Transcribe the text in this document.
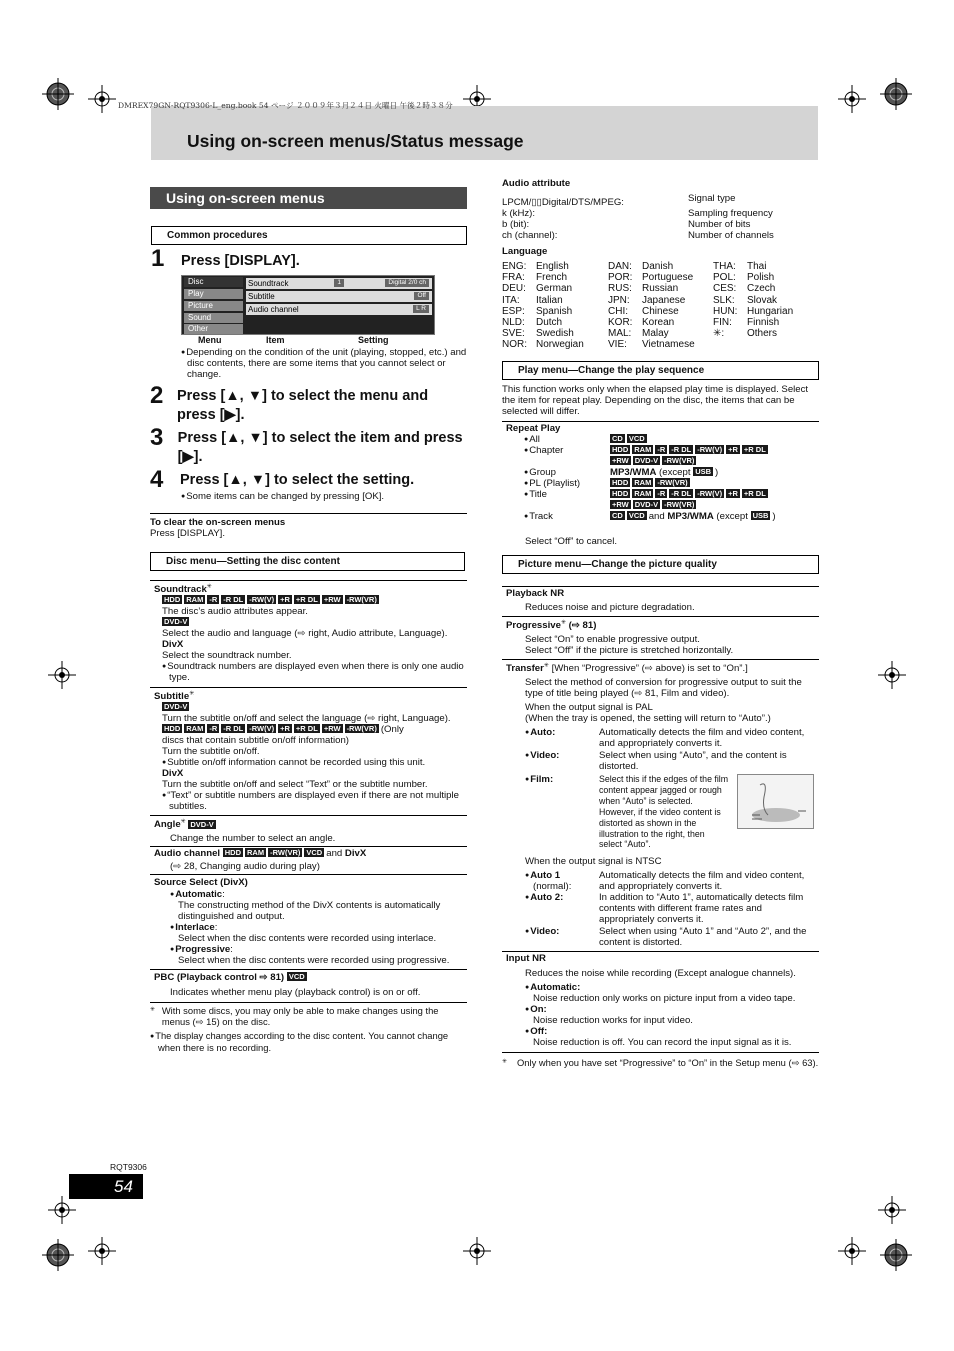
DMREX79GN-RQT9306-L_eng.book 54 ページ ２００９年３月２４日 火曜日 午後２時３８分
Using on-screen menus/Status message
Using on-screen menus
Common procedures
1	Press [DISPLAY].
Disc
Play
Picture
Sound
Other
Soundtrack	1	Digital 2/0 ch
Subtitle	Off
Audio channel	L R
Menu	Item	Setting
● Depending on the condition of the unit (playing, stopped, etc.) and disc contents, there are some items that you cannot select or change.
2 Press [▲, ▼] to select the menu and press [▶].
3 Press [▲, ▼] to select the item and press [▶].
4	Press [▲, ▼] to select the setting.
● Some items can be changed by pressing [OK].
To clear the on-screen menus
Press [DISPLAY].
Disc menu—Setting the disc content
Soundtrack✳
HDD RAM -R -R DL -RW(V) +R +R DL +RW -RW(VR)
The disc’s audio attributes appear.
DVD-V
Select the audio and language (⇨ right, Audio attribute, Language).
DivX
Select the soundtrack number.
● Soundtrack numbers are displayed even when there is only one audio type.
Subtitle✳
DVD-V
Turn the subtitle on/off and select the language (⇨ right, Language).
HDD RAM -R -R DL -RW(V) +R +R DL +RW -RW(VR) (Only
discs that contain subtitle on/off information)
Turn the subtitle on/off.
● Subtitle on/off information cannot be recorded using this unit.
DivX
Turn the subtitle on/off and select “Text” or the subtitle number.
● “Text” or subtitle numbers are displayed even if there are not multiple subtitles.
Angle✳ DVD-V
Change the number to select an angle.
Audio channel HDD RAM -RW(VR) VCD and DivX
(⇨ 28, Changing audio during play)
Source Select (DivX)
● Automatic:
The constructing method of the DivX contents is automatically distinguished and output.
● Interlace:
Select when the disc contents were recorded using interlace.
● Progressive:
Select when the disc contents were recorded using progressive.
PBC (Playback control ⇨ 81) VCD
Indicates whether menu play (playback control) is on or off.
✳ With some discs, you may only be able to make changes using the menus (⇨ 15) on the disc.
● The display changes according to the disc content. You cannot change when there is no recording.
Audio attribute
LPCM/▯▯Digital/DTS/MPEG:	Signal type
k (kHz):	Sampling frequency
b (bit):	Number of bits
ch (channel):	Number of channels
Language
ENG:	English	DAN:	Danish	THA:	Thai
FRA:	French	POR:	Portuguese	POL:	Polish
DEU:	German	RUS:	Russian	CES:	Czech
ITA:	Italian	JPN:	Japanese	SLK:	Slovak
ESP:	Spanish	CHI:	Chinese	HUN:	Hungarian
NLD:	Dutch	KOR:	Korean	FIN:	Finnish
SVE:	Swedish	MAL:	Malay	✳:	Others
NOR:	Norwegian	VIE:	Vietnamese		
Play menu—Change the play sequence
This function works only when the elapsed play time is displayed. Select the item for repeat play. Depending on the disc, the items that can be selected will differ.
Repeat Play
● All	CD VCD
● Chapter	HDD RAM -R -R DL -RW(V) +R +R DL
+RW DVD-V -RW(VR)

● Group	MP3/WMA (except USB )
● PL (Playlist)	HDD RAM -RW(VR)
● Title	HDD RAM -R -R DL -RW(V) +R +R DL
+RW DVD-V -RW(VR)

● Track	CD VCD and MP3/WMA (except USB )
Select “Off” to cancel.
Picture menu—Change the picture quality
Playback NR
Reduces noise and picture degradation.
Progressive✳ (⇨ 81)
Select “On” to enable progressive output.
Select “Off” if the picture is stretched horizontally.
Transfer✳ [When “Progressive” (⇨ above) is set to “On”.]
Select the method of conversion for progressive output to suit the type of title being played (⇨ 81, Film and video).
When the output signal is PAL
(When the tray is opened, the setting will return to “Auto”.)
● Auto:	Automatically detects the film and video content, and appropriately converts it.
● Video:	Select when using “Auto”, and the content is distorted.
● Film:	Select this if the edges of the film content appear jagged or rough when “Auto” is selected. However, if the video content is distorted as shown in the illustration to the right, then select “Auto”.
When the output signal is NTSC
● Auto 1
(normal):	Automatically detects the film and video content, and appropriately converts it.
● Auto 2:	In addition to “Auto 1”, automatically detects film contents with different frame rates and appropriately converts it.
● Video:	Select when using “Auto 1” and “Auto 2”, and the content is distorted.
Input NR
Reduces the noise while recording (Except analogue channels).
● Automatic:
Noise reduction only works on picture input from a video tape.
● On:
Noise reduction works for input video.
● Off:
Noise reduction is off. You can record the input signal as it is.
✳	Only when you have set “Progressive” to “On” in the Setup menu (⇨ 63).
RQT9306
54
